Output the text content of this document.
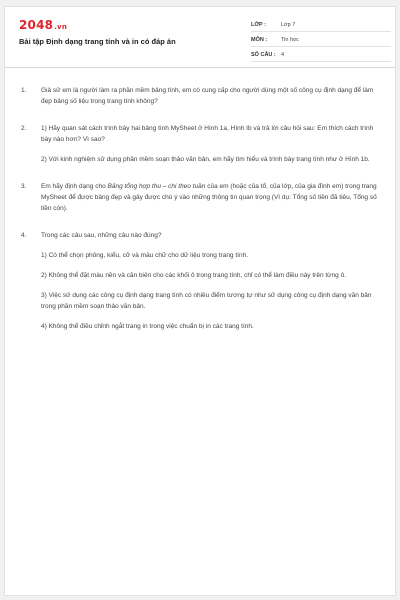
2048.vn
Bài tập Định dạng trang tính và in có đáp án
LỚP :	Lớp 7
MÔN :	Tin học
SỐ CÂU : 4
1.	Giả sử em là người làm ra phần mềm bảng tính, em có cung cấp cho người dùng một số công cụ định dạng để làm đẹp bảng số liệu trong trang tính không?

2.	1) Hãy quan sát cách trình bày hai bảng tính MySheet ở Hình 1a, Hình Ib và trả lời câu hỏi sau: Em thích cách trình bày nào hơn? Vì sao?

2) Với kinh nghiệm sử dụng phần mềm soạn thảo văn bản, em hãy tìm hiểu và trình bày trang tính như ở Hình 1b.

3.	Em hãy định dạng cho Bảng tổng hợp thu – chi theo tuần của em (hoặc của tổ, của lớp, của gia đình em) trong trang MySheet để được bảng đẹp và gây được chú ý vào những thông tin quan trọng (Ví dụ: Tổng số tiền đã tiêu, Tổng số tiền còn).

4.	Trong các câu sau, những câu nào đúng?

1) Có thể chọn phông, kiểu, cỡ và màu chữ cho dữ liệu trong trang tính.

2) Không thể đặt màu nền và căn biên cho các khối ô trong trang tính, chỉ có thể làm điều này trên từng ô.

3) Việc sử dụng các công cụ định dạng trang tính có nhiều điểm tương tự như sử dụng công cụ định dạng văn bản trong phần mềm soạn thảo văn bản.

4) Không thể điều chỉnh ngắt trang in trong việc chuẩn bị in các trang tính.
